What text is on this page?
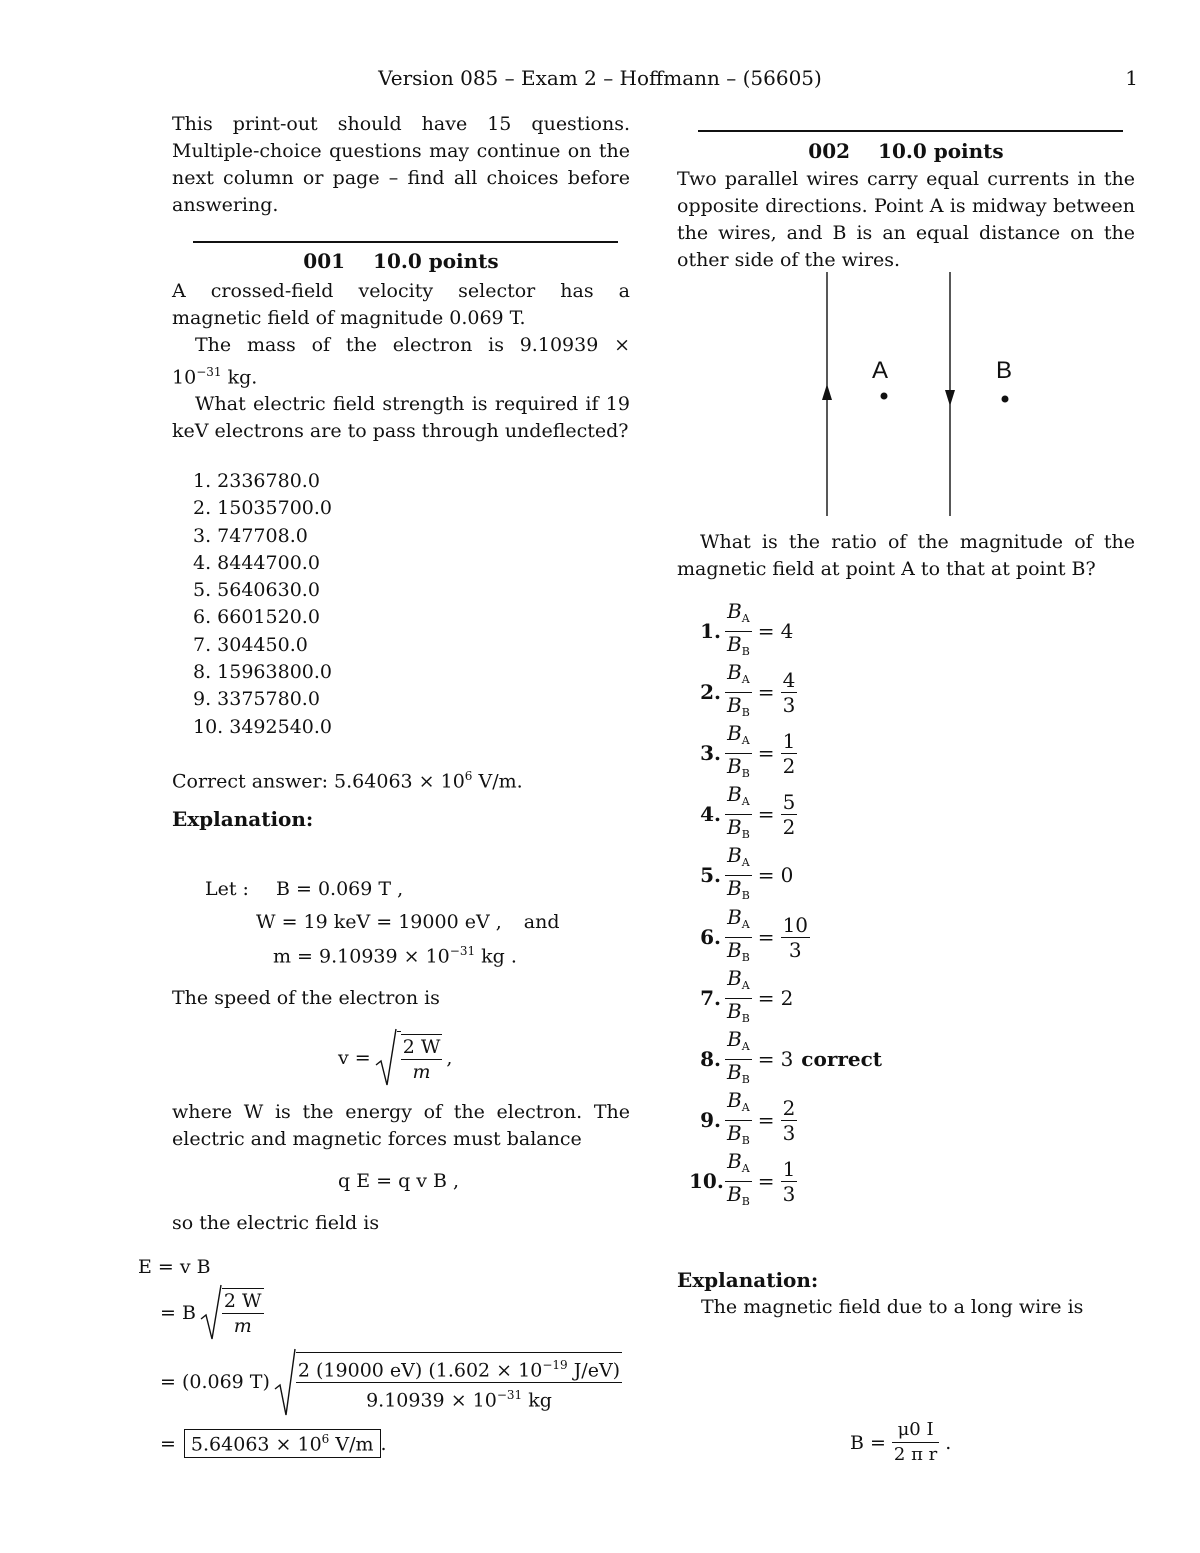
Version 085 – Exam 2 – Hoffmann – (56605)	1
This print-out should have 15 questions. Multiple-choice questions may continue on the next column or page – find all choices before answering.
001 10.0 points
A crossed-field velocity selector has a magnetic field of magnitude 0.069 T.
The mass of the electron is 9.10939 ×
$10^{-31}$ kg.
What electric field strength is required if 19 keV electrons are to pass through undeflected?
1. 2336780.0
2. 15035700.0
3. 747708.0
4. 8444700.0
5. 5640630.0
6. 6601520.0
7. 304450.0
8. 15963800.0
9. 3375780.0
10. 3492540.0
Correct answer: $5.64063 \times 10^6$ V/m.
Explanation:
Let : B = 0.069 T ,
W = 19 keV = 19000 eV , and
$m = 9.10939 \times 10^{-31}$ kg .
The speed of the electron is
$v = \frac{2 W}{m}$ ,
where W is the energy of the electron. The electric and magnetic forces must balance
q E = q v B ,
so the electric field is
E = v B
= B $\frac{2 W}{m}$
= (0.069 $T) \frac{2 (19000 eV) (1.602 \times 10^{-19} J/eV)}{9.10939 \times 10^{-31} kg}$
= $5.64063 \times 10^6$ V/m .
002 10.0 points
Two parallel wires carry equal currents in the opposite directions. Point A is midway between the wires, and B is an equal distance on the other side of the wires.
A	B
What is the ratio of the magnitude of the magnetic field at point A to that at point B?
1. $\frac{B_A}{B_B} = 4$
2. $\frac{B_A}{B_B} = \frac{4}{3}$
3. $\frac{B_A}{B_B} = \frac{1}{2}$
4. $\frac{B_A}{B_B} = \frac{5}{2}$
5. $\frac{B_A}{B_B} = 0$
6. $\frac{B_A}{B_B} = \frac{10}{3}$
7. $\frac{B_A}{B_B} = 2$
8. $\frac{B_A}{B_B} = 3$ correct
9. $\frac{B_A}{B_B} = \frac{2}{3}$
10. $\frac{B_A}{B_B} = \frac{1}{3}$
Explanation:
The magnetic field due to a long wire is
$B = \frac{\mu 0 I}{\text{2 π r}}$ .
